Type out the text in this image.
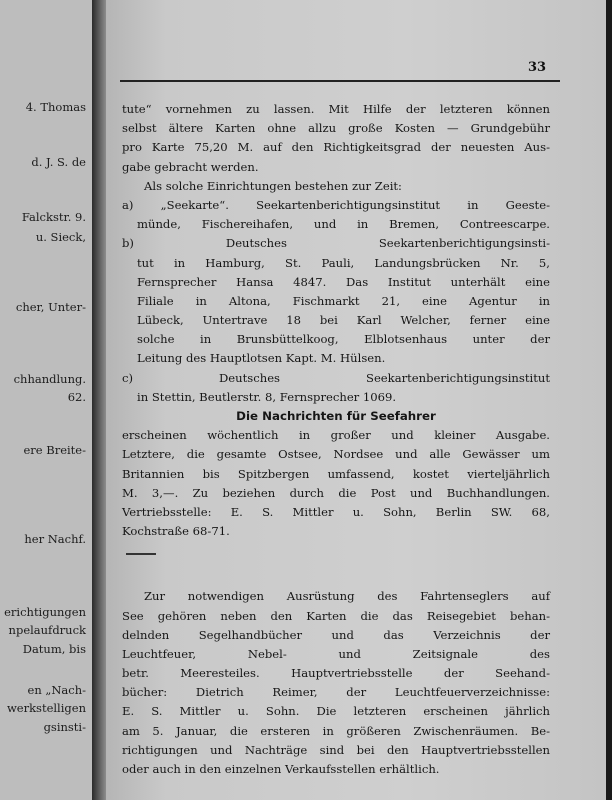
4. Thomas
d. J. S. de
Falckstr. 9.
u. Sieck,
cher, Unter-
chhandlung.
62.
ere Breite-
her Nachf.
erichtigungen
npelaufdruck
Datum, bis
en „Nach-
werkstelligen
gsinsti-
33
tute“ vornehmen zu lassen. Mit Hilfe der letzteren können
selbst ältere Karten ohne allzu große Kosten — Grundgebühr
pro Karte 75,20 M. auf den Richtigkeitsgrad der neuesten Aus-
gabe gebracht werden.
Als solche Einrichtungen bestehen zur Zeit:
a) „Seekarte“. Seekartenberichtigungsinstitut in Geeste-
münde, Fischereihafen, und in Bremen, Contreescarpe.
b) Deutsches Seekartenberichtigungsinsti-
tut in Hamburg, St. Pauli, Landungsbrücken Nr. 5,
Fernsprecher Hansa 4847. Das Institut unterhält eine
Filiale in Altona, Fischmarkt 21, eine Agentur in
Lübeck, Untertrave 18 bei Karl Welcher, ferner eine
solche in Brunsbüttelkoog, Elblotsenhaus unter der
Leitung des Hauptlotsen Kapt. M. Hülsen.
c) Deutsches Seekartenberichtigungsinstitut
in Stettin, Beutlerstr. 8, Fernsprecher 1069.
Die Nachrichten für Seefahrer
erscheinen wöchentlich in großer und kleiner Ausgabe.
Letztere, die gesamte Ostsee, Nordsee und alle Gewässer um
Britannien bis Spitzbergen umfassend, kostet vierteljährlich
M. 3,—. Zu beziehen durch die Post und Buchhandlungen.
Vertriebsstelle: E. S. Mittler u. Sohn, Berlin SW. 68,
Kochstraße 68-71.
Zur notwendigen Ausrüstung des Fahrtenseglers auf
See gehören neben den Karten die das Reisegebiet behan-
delnden Segelhandbücher und das Verzeichnis der
Leuchtfeuer, Nebel- und Zeitsignale des
betr. Meeresteiles. Hauptvertriebsstelle der Seehand-
bücher: Dietrich Reimer, der Leuchtfeuerverzeichnisse:
E. S. Mittler u. Sohn. Die letzteren erscheinen jährlich
am 5. Januar, die ersteren in größeren Zwischenräumen. Be-
richtigungen und Nachträge sind bei den Hauptvertriebsstellen
oder auch in den einzelnen Verkaufsstellen erhältlich.
